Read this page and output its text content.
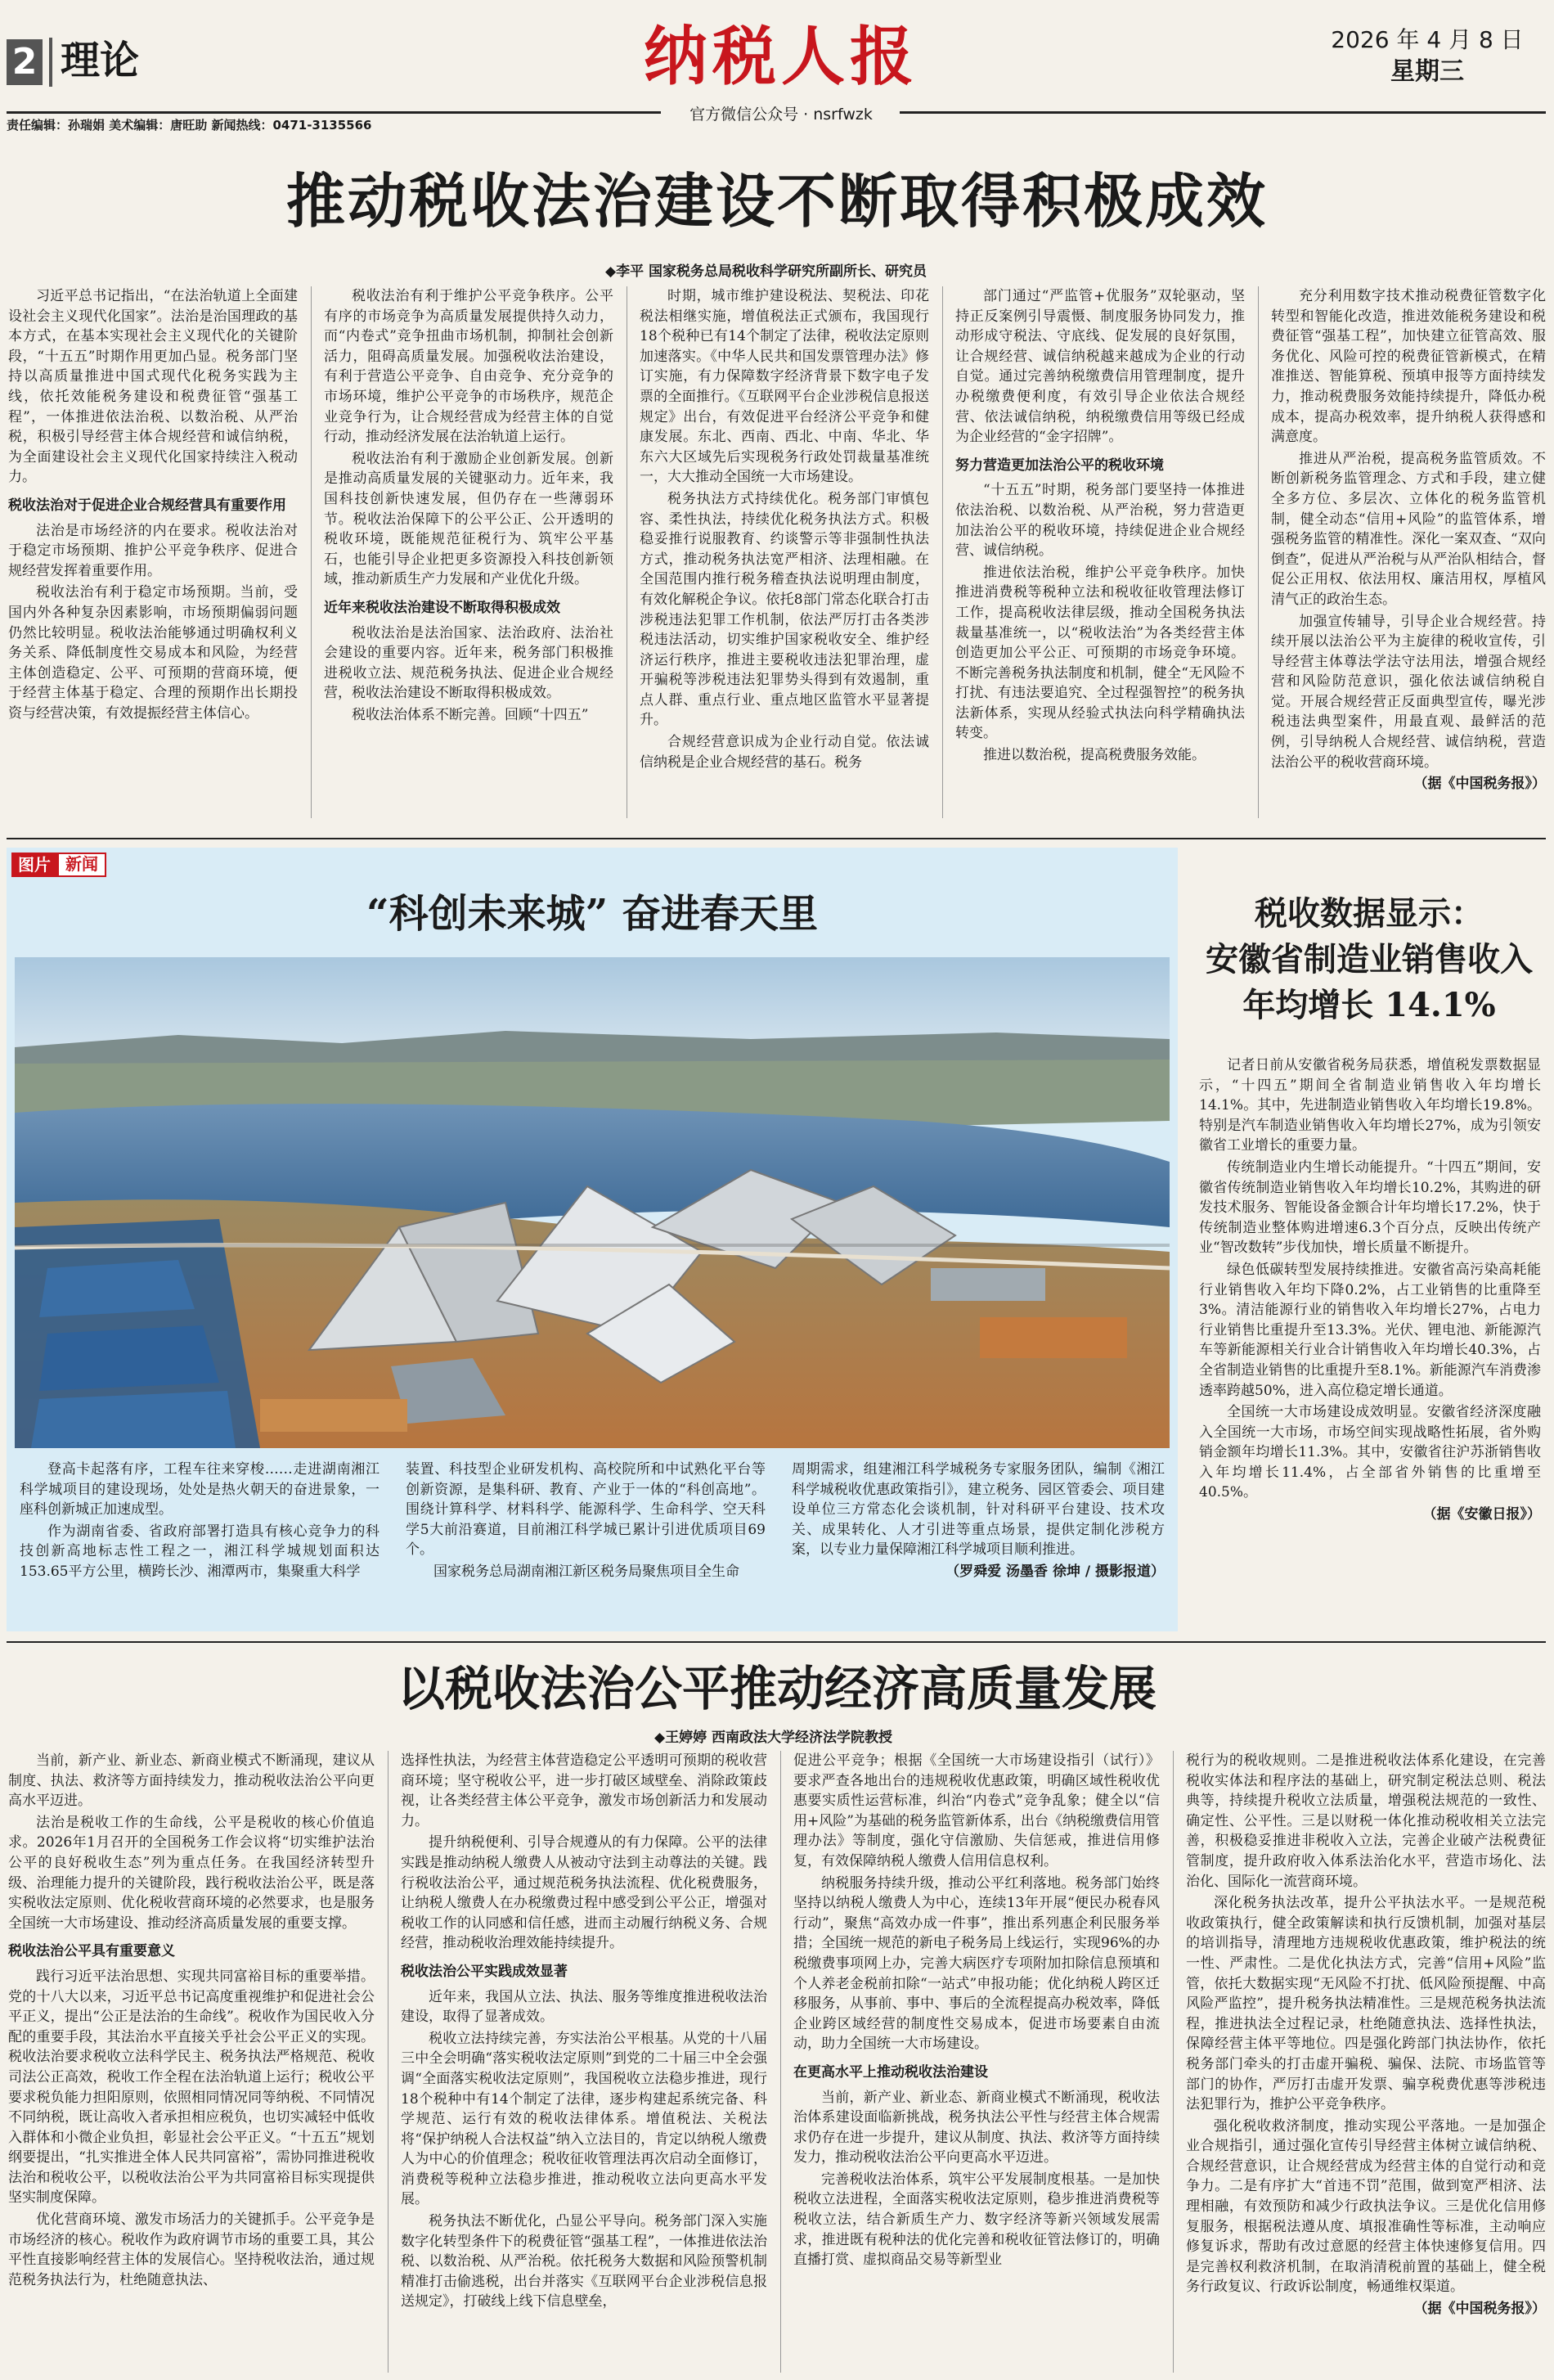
2 理论	纳税人报
官方微信公众号 · nsrfwzk
2026 年 4 月 8 日
星期三
责任编辑：孙瑞娟 美术编辑：唐旺助 新闻热线：0471-3135566
推动税收法治建设不断取得积极成效
◆李平 国家税务总局税收科学研究所副所长、研究员

习近平总书记指出，“在法治轨道上全面建设社会主义现代化国家”。法治是治国理政的基本方式，在基本实现社会主义现代化的关键阶段，“十五五”时期作用更加凸显。税务部门坚持以高质量推进中国式现代化税务实践为主线，依托效能税务建设和税费征管“强基工程”，一体推进依法治税、以数治税、从严治税，积极引导经营主体合规经营和诚信纳税，为全面建设社会主义现代化国家持续注入税动力。

税收法治对于促进企业合规经营具有重要作用

法治是市场经济的内在要求。税收法治对于稳定市场预期、推护公平竞争秩序、促进合规经营发挥着重要作用。

税收法治有利于稳定市场预期。当前，受国内外各种复杂因素影响，市场预期偏弱问题仍然比较明显。税收法治能够通过明确权利义务关系、降低制度性交易成本和风险，为经营主体创造稳定、公平、可预期的营商环境，便于经营主体基于稳定、合理的预期作出长期投资与经营决策，有效提振经营主体信心。

税收法治有利于维护公平竞争秩序。公平有序的市场竞争为高质量发展提供持久动力，而“内卷式”竞争扭曲市场机制，抑制社会创新活力，阻碍高质量发展。加强税收法治建设，有利于营造公平竞争、自由竞争、充分竞争的市场环境，维护公平竞争的市场秩序，规范企业竞争行为，让合规经营成为经营主体的自觉行动，推动经济发展在法治轨道上运行。

税收法治有利于激励企业创新发展。创新是推动高质量发展的关键驱动力。近年来，我国科技创新快速发展，但仍存在一些薄弱环节。税收法治保障下的公平公正、公开透明的税收环境，既能规范征税行为、筑牢公平基石，也能引导企业把更多资源投入科技创新领域，推动新质生产力发展和产业优化升级。

近年来税收法治建设不断取得积极成效

税收法治是法治国家、法治政府、法治社会建设的重要内容。近年来，税务部门积极推进税收立法、规范税务执法、促进企业合规经营，税收法治建设不断取得积极成效。

税收法治体系不断完善。回顾“十四五”

时期，城市维护建设税法、契税法、印花税法相继实施，增值税法正式颁布，我国现行18个税种已有14个制定了法律，税收法定原则加速落实。《中华人民共和国发票管理办法》修订实施，有力保障数字经济背景下数字电子发票的全面推行。《互联网平台企业涉税信息报送规定》出台，有效促进平台经济公平竞争和健康发展。东北、西南、西北、中南、华北、华东六大区域先后实现税务行政处罚裁量基准统一，大大推动全国统一大市场建设。

税务执法方式持续优化。税务部门审慎包容、柔性执法，持续优化税务执法方式。积极稳妥推行说服教育、约谈警示等非强制性执法方式，推动税务执法宽严相济、法理相融。在全国范围内推行税务稽查执法说明理由制度，有效化解税企争议。依托8部门常态化联合打击涉税违法犯罪工作机制，依法严厉打击各类涉税违法活动，切实维护国家税收安全、维护经济运行秩序，推进主要税收违法犯罪治理，虚开骗税等涉税违法犯罪势头得到有效遏制，重点人群、重点行业、重点地区监管水平显著提升。

合规经营意识成为企业行动自觉。依法诚信纳税是企业合规经营的基石。税务

部门通过“严监管+优服务”双轮驱动，坚持正反案例引导震慑、制度服务协同发力，推动形成守税法、守底线、促发展的良好氛围，让合规经营、诚信纳税越来越成为企业的行动自觉。通过完善纳税缴费信用管理制度，提升办税缴费便利度，有效引导企业依法合规经营、依法诚信纳税，纳税缴费信用等级已经成为企业经营的“金字招牌”。

努力营造更加法治公平的税收环境

“十五五”时期，税务部门要坚持一体推进依法治税、以数治税、从严治税，努力营造更加法治公平的税收环境，持续促进企业合规经营、诚信纳税。

推进依法治税，维护公平竞争秩序。加快推进消费税等税种立法和税收征收管理法修订工作，提高税收法律层级，推动全国税务执法裁量基准统一，以“税收法治”为各类经营主体创造更加公平公正、可预期的市场竞争环境。不断完善税务执法制度和机制，健全“无风险不打扰、有违法要追究、全过程强智控”的税务执法新体系，实现从经验式执法向科学精确执法转变。

推进以数治税，提高税费服务效能。

充分利用数字技术推动税费征管数字化转型和智能化改造，推进效能税务建设和税费征管“强基工程”，加快建立征管高效、服务优化、风险可控的税费征管新模式，在精准推送、智能算税、预填申报等方面持续发力，推动税费服务效能持续提升，降低办税成本，提高办税效率，提升纳税人获得感和满意度。

推进从严治税，提高税务监管质效。不断创新税务监管理念、方式和手段，建立健全多方位、多层次、立体化的税务监管机制，健全动态“信用+风险”的监管体系，增强税务监管的精准性。深化一案双查、“双向倒查”，促进从严治税与从严治队相结合，督促公正用权、依法用权、廉洁用权，厚植风清气正的政治生态。

加强宣传辅导，引导企业合规经营。持续开展以法治公平为主旋律的税收宣传，引导经营主体尊法学法守法用法，增强合规经营和风险防范意识，强化依法诚信纳税自觉。开展合规经营正反面典型宣传，曝光涉税违法典型案件，用最直观、最鲜活的范例，引导纳税人合规经营、诚信纳税，营造法治公平的税收营商环境。

（据《中国税务报》）

图片 新闻
“科创未来城” 奋进春天里

登高卡起落有序，工程车往来穿梭……走进湖南湘江科学城项目的建设现场，处处是热火朝天的奋进景象，一座科创新城正加速成型。

作为湖南省委、省政府部署打造具有核心竞争力的科技创新高地标志性工程之一，湘江科学城规划面积达153.65平方公里，横跨长沙、湘潭两市，集聚重大科学

装置、科技型企业研发机构、高校院所和中试熟化平台等创新资源，是集科研、教育、产业于一体的“科创高地”。围绕计算科学、材料科学、能源科学、生命科学、空天科学5大前沿赛道，目前湘江科学城已累计引进优质项目69个。

国家税务总局湖南湘江新区税务局聚焦项目全生命

周期需求，组建湘江科学城税务专家服务团队，编制《湘江科学城税收优惠政策指引》，建立税务、园区管委会、项目建设单位三方常态化会谈机制，针对科研平台建设、技术攻关、成果转化、人才引进等重点场景，提供定制化涉税方案，以专业力量保障湘江科学城项目顺利推进。

（罗舜爱 汤墨香 徐坤 / 摄影报道）

税收数据显示：
安徽省制造业销售收入
年均增长 14.1%

记者日前从安徽省税务局获悉，增值税发票数据显示，“十四五”期间全省制造业销售收入年均增长14.1%。其中，先进制造业销售收入年均增长19.8%。特别是汽车制造业销售收入年均增长27%，成为引领安徽省工业增长的重要力量。

传统制造业内生增长动能提升。“十四五”期间，安徽省传统制造业销售收入年均增长10.2%，其购进的研发技术服务、智能设备金额合计年均增长17.2%，快于传统制造业整体购进增速6.3个百分点，反映出传统产业“智改数转”步伐加快，增长质量不断提升。

绿色低碳转型发展持续推进。安徽省高污染高耗能行业销售收入年均下降0.2%，占工业销售的比重降至3%。清洁能源行业的销售收入年均增长27%，占电力行业销售比重提升至13.3%。光伏、锂电池、新能源汽车等新能源相关行业合计销售收入年均增长40.3%，占全省制造业销售的比重提升至8.1%。新能源汽车消费渗透率跨越50%，进入高位稳定增长通道。

全国统一大市场建设成效明显。安徽省经济深度融入全国统一大市场，市场空间实现战略性拓展，省外购销金额年均增长11.3%。其中，安徽省往沪苏浙销售收入年均增长11.4%，占全部省外销售的比重增至40.5%。

（据《安徽日报》）

以税收法治公平推动经济高质量发展
◆王婷婷 西南政法大学经济法学院教授

当前，新产业、新业态、新商业模式不断涌现，建议从制度、执法、救济等方面持续发力，推动税收法治公平向更高水平迈进。

法治是税收工作的生命线，公平是税收的核心价值追求。2026年1月召开的全国税务工作会议将“切实维护法治公平的良好税收生态”列为重点任务。在我国经济转型升级、治理能力提升的关键阶段，践行税收法治公平，既是落实税收法定原则、优化税收营商环境的必然要求，也是服务全国统一大市场建设、推动经济高质量发展的重要支撑。

税收法治公平具有重要意义

践行习近平法治思想、实现共同富裕目标的重要举措。党的十八大以来，习近平总书记高度重视维护和促进社会公平正义，提出“公正是法治的生命线”。税收作为国民收入分配的重要手段，其法治水平直接关乎社会公平正义的实现。税收法治要求税收立法科学民主、税务执法严格规范、税收司法公正高效，税收工作全程在法治轨道上运行；税收公平要求税负能力担阳原则，依照相同情况同等纳税、不同情况不同纳税，既让高收入者承担相应税负，也切实减轻中低收入群体和小微企业负担，彰显社会公平正义。“十五五”规划纲要提出，“扎实推进全体人民共同富裕”，需协同推进税收法治和税收公平，以税收法治公平为共同富裕目标实现提供坚实制度保障。

优化营商环境、激发市场活力的关键抓手。公平竞争是市场经济的核心。税收作为政府调节市场的重要工具，其公平性直接影响经营主体的发展信心。坚持税收法治，通过规范税务执法行为，杜绝随意执法、

选择性执法，为经营主体营造稳定公平透明可预期的税收营商环境；坚守税收公平，进一步打破区域壁垒、消除政策歧视，让各类经营主体公平竞争，激发市场创新活力和发展动力。

提升纳税便利、引导合规遵从的有力保障。公平的法律实践是推动纳税人缴费人从被动守法到主动尊法的关键。践行税收法治公平，通过规范税务执法流程、优化税费服务，让纳税人缴费人在办税缴费过程中感受到公平公正，增强对税收工作的认同感和信任感，进而主动履行纳税义务、合规经营，推动税收治理效能持续提升。

税收法治公平实践成效显著

近年来，我国从立法、执法、服务等维度推进税收法治建设，取得了显著成效。

税收立法持续完善，夯实法治公平根基。从党的十八届三中全会明确“落实税收法定原则”到党的二十届三中全会强调“全面落实税收法定原则”，我国税收立法稳步推进，现行18个税种中有14个制定了法律，逐步构建起系统完备、科学规范、运行有效的税收法律体系。增值税法、关税法将“保护纳税人合法权益”纳入立法目的，肯定以纳税人缴费人为中心的价值理念；税收征收管理法再次启动全面修订，消费税等税种立法稳步推进，推动税收立法向更高水平发展。

税务执法不断优化，凸显公平导向。税务部门深入实施数字化转型条件下的税费征管“强基工程”，一体推进依法治税、以数治税、从严治税。依托税务大数据和风险预警机制精准打击偷逃税，出台并落实《互联网平台企业涉税信息报送规定》，打破线上线下信息壁垒，

促进公平竞争；根据《全国统一大市场建设指引（试行）》要求严查各地出台的违规税收优惠政策，明确区域性税收优惠要实质性运营标准，纠治“内卷式”竞争乱象；健全以“信用+风险”为基础的税务监管新体系，出台《纳税缴费信用管理办法》等制度，强化守信激励、失信惩戒，推进信用修复，有效保障纳税人缴费人信用信息权利。

纳税服务持续升级，推动公平红利落地。税务部门始终坚持以纳税人缴费人为中心，连续13年开展“便民办税春风行动”，聚焦“高效办成一件事”，推出系列惠企利民服务举措；全国统一规范的新电子税务局上线运行，实现96%的办税缴费事项网上办，完善大病医疗专项附加扣除信息预填和个人养老金税前扣除“一站式”申报功能；优化纳税人跨区迁移服务，从事前、事中、事后的全流程提高办税效率，降低企业跨区域经营的制度性交易成本，促进市场要素自由流动，助力全国统一大市场建设。

在更高水平上推动税收法治建设

当前，新产业、新业态、新商业模式不断涌现，税收法治体系建设面临新挑战，税务执法公平性与经营主体合规需求仍存在进一步提升，建议从制度、执法、救济等方面持续发力，推动税收法治公平向更高水平迈进。

完善税收法治体系，筑牢公平发展制度根基。一是加快税收立法进程，全面落实税收法定原则，稳步推进消费税等税收立法，结合新质生产力、数字经济等新兴领域发展需求，推进既有税种法的优化完善和税收征管法修订的，明确直播打赏、虚拟商品交易等新型业

税行为的税收规则。二是推进税收法体系化建设，在完善税收实体法和程序法的基础上，研究制定税法总则、税法典等，持续提升税收立法质量，增强税法规范的一致性、确定性、公平性。三是以财税一体化推动税收相关立法完善，积极稳妥推进非税收入立法，完善企业破产法税费征管制度，提升政府收入体系法治化水平，营造市场化、法治化、国际化一流营商环境。

深化税务执法改革，提升公平执法水平。一是规范税收政策执行，健全政策解读和执行反馈机制，加强对基层的培训指导，清理地方违规税收优惠政策，维护税法的统一性、严肃性。二是优化执法方式，完善“信用+风险”监管，依托大数据实现“无风险不打扰、低风险预提醒、中高风险严监控”，提升税务执法精准性。三是规范税务执法流程，推进执法全过程记录，杜绝随意执法、选择性执法，保障经营主体平等地位。四是强化跨部门执法协作，依托税务部门牵头的打击虚开骗税、骗保、法院、市场监管等部门的协作，严厉打击虚开发票、骗享税费优惠等涉税违法犯罪行为，推护公平竞争秩序。

强化税收救济制度，推动实现公平落地。一是加强企业合规指引，通过强化宣传引导经营主体树立诚信纳税、合规经营意识，让合规经营成为经营主体的自觉行动和竞争力。二是有序扩大“首违不罚”范围，做到宽严相济、法理相融，有效预防和减少行政执法争议。三是优化信用修复服务，根据税法遵从度、填报准确性等标准，主动响应修复诉求，帮助有改过意愿的经营主体快速修复信用。四是完善权利救济机制，在取消清税前置的基础上，健全税务行政复议、行政诉讼制度，畅通维权渠道。

（据《中国税务报》）
